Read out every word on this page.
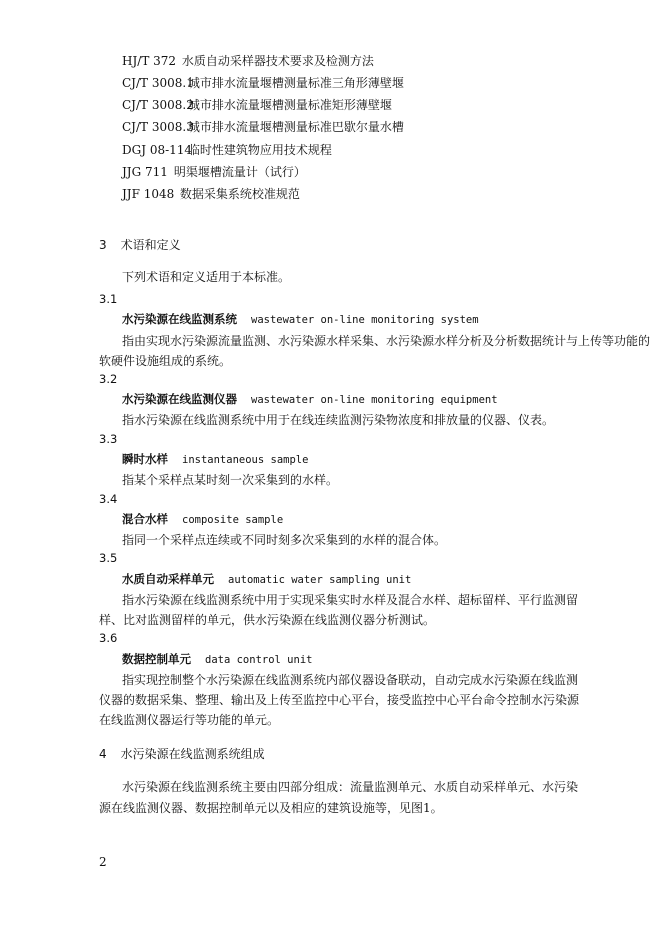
HJ/T 372 水质自动采样器技术要求及检测方法
CJ/T 3008.1 城市排水流量堰槽测量标准三角形薄壁堰
CJ/T 3008.2 城市排水流量堰槽测量标准矩形薄壁堰
CJ/T 3008.3 城市排水流量堰槽测量标准巴歇尔量水槽
DGJ 08-114 临时性建筑物应用技术规程
JJG 711 明渠堰槽流量计（试行）
JJF 1048 数据采集系统校准规范
3 术语和定义
下列术语和定义适用于本标准。
3.1
水污染源在线监测系统 wastewater on-line monitoring system
指由实现水污染源流量监测、水污染源水样采集、水污染源水样分析及分析数据统计与上传等功能的
软硬件设施组成的系统。
3.2
水污染源在线监测仪器 wastewater on-line monitoring equipment
指水污染源在线监测系统中用于在线连续监测污染物浓度和排放量的仪器、仪表。
3.3
瞬时水样 instantaneous sample
指某个采样点某时刻一次采集到的水样。
3.4
混合水样 composite sample
指同一个采样点连续或不同时刻多次采集到的水样的混合体。
3.5
水质自动采样单元 automatic water sampling unit
指水污染源在线监测系统中用于实现采集实时水样及混合水样、超标留样、平行监测留
样、比对监测留样的单元，供水污染源在线监测仪器分析测试。
3.6
数据控制单元 data control unit
指实现控制整个水污染源在线监测系统内部仪器设备联动，自动完成水污染源在线监测
仪器的数据采集、整理、输出及上传至监控中心平台，接受监控中心平台命令控制水污染源
在线监测仪器运行等功能的单元。
4 水污染源在线监测系统组成
水污染源在线监测系统主要由四部分组成：流量监测单元、水质自动采样单元、水污染
源在线监测仪器、数据控制单元以及相应的建筑设施等，见图1。
2
